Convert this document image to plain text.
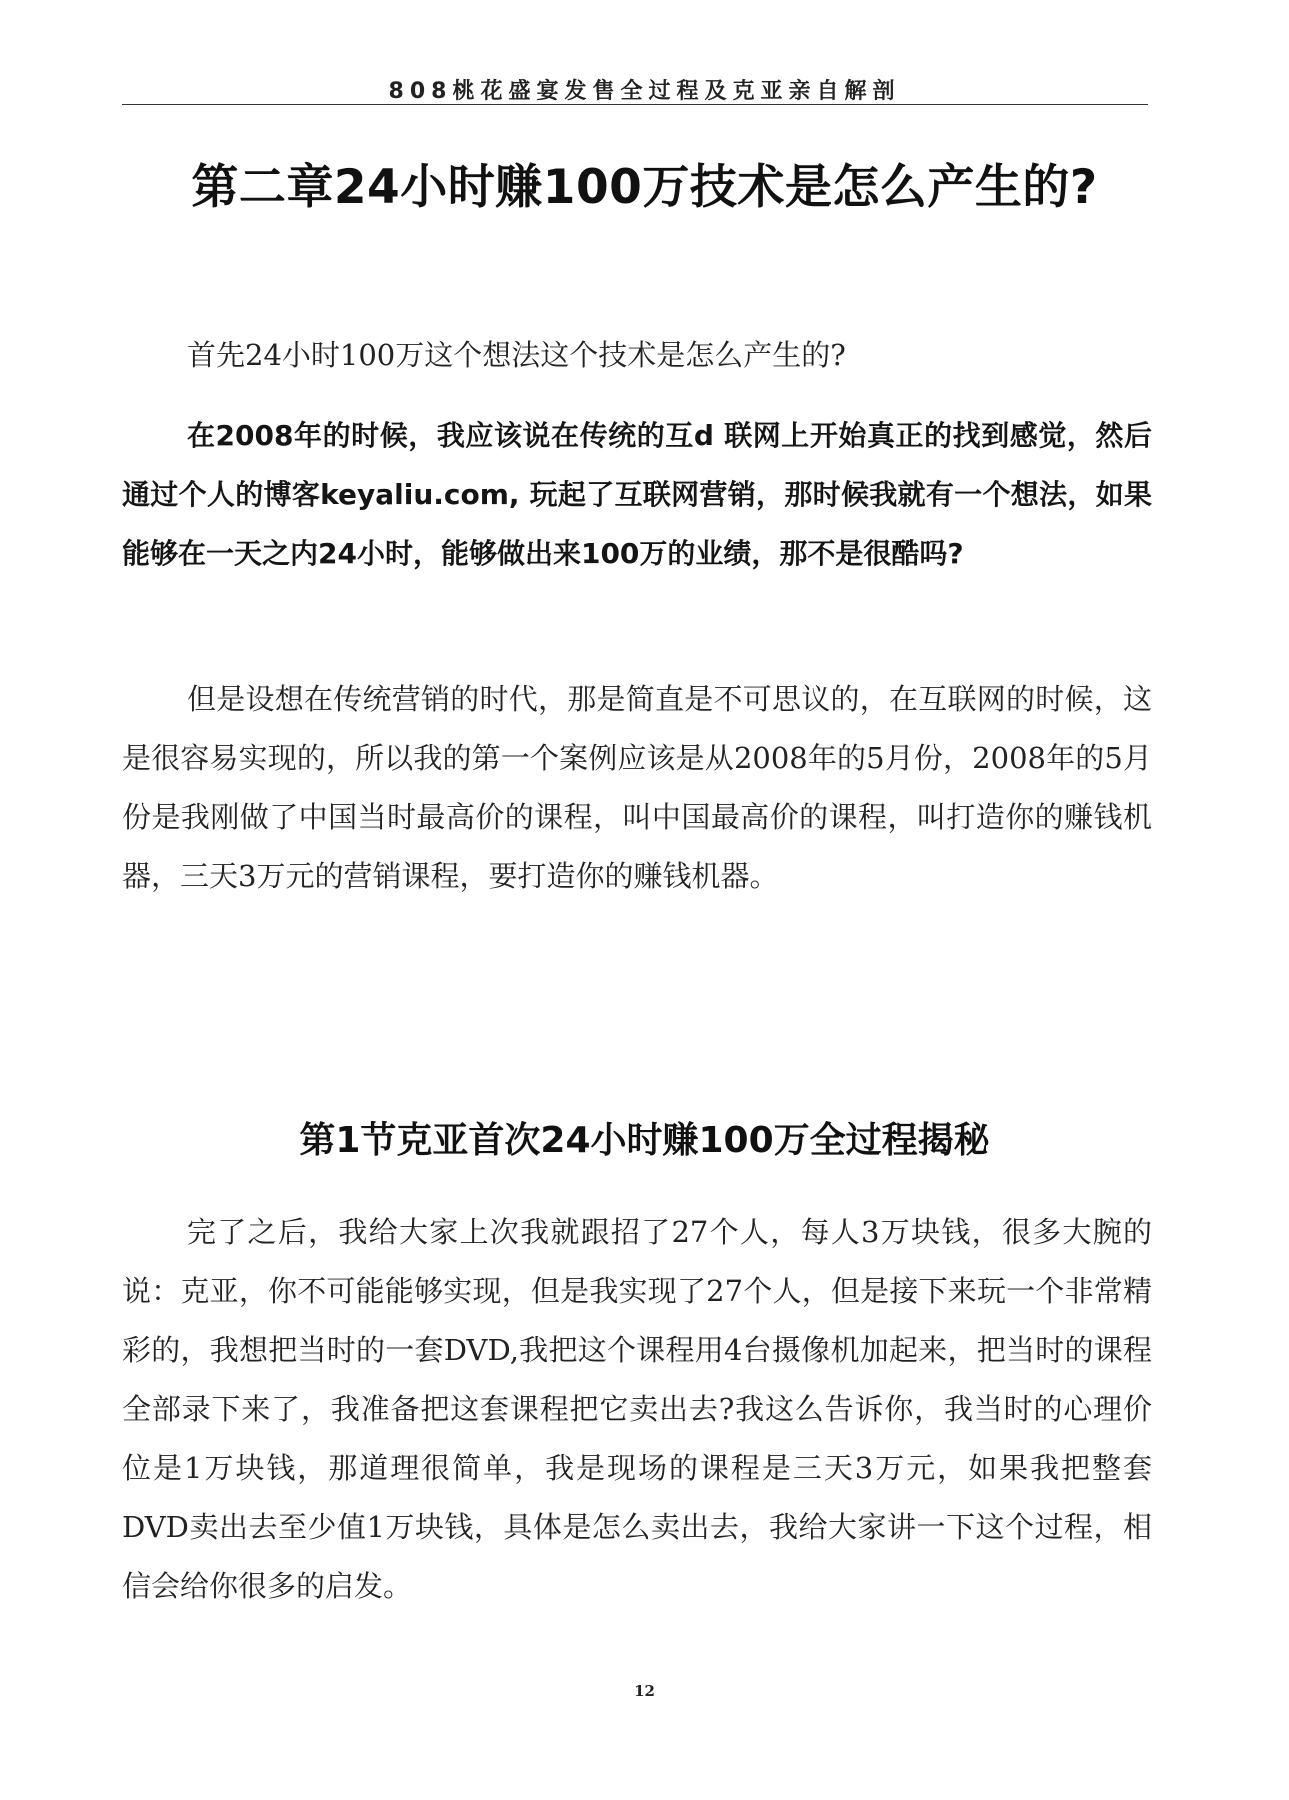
808桃花盛宴发售全过程及克亚亲自解剖
第二章24小时赚100万技术是怎么产生的?

首先24小时100万这个想法这个技术是怎么产生的?

在2008年的时候，我应该说在传统的互d 联网上开始真正的找到感觉，然后通过个人的博客keyaliu.com, 玩起了互联网营销，那时候我就有一个想法，如果能够在一天之内24小时，能够做出来100万的业绩，那不是很酷吗?

但是设想在传统营销的时代，那是简直是不可思议的，在互联网的时候，这是很容易实现的，所以我的第一个案例应该是从2008年的5月份，2008年的5月份是我刚做了中国当时最高价的课程，叫中国最高价的课程，叫打造你的赚钱机器，三天3万元的营销课程，要打造你的赚钱机器。

第1节克亚首次24小时赚100万全过程揭秘

完了之后，我给大家上次我就跟招了27个人，每人3万块钱，很多大腕的说：克亚，你不可能能够实现，但是我实现了27个人，但是接下来玩一个非常精彩的，我想把当时的一套DVD,我把这个课程用4台摄像机加起来，把当时的课程全部录下来了，我准备把这套课程把它卖出去?我这么告诉你，我当时的心理价位是1万块钱，那道理很简单，我是现场的课程是三天3万元，如果我把整套DVD卖出去至少值1万块钱，具体是怎么卖出去，我给大家讲一下这个过程，相信会给你很多的启发。

12
